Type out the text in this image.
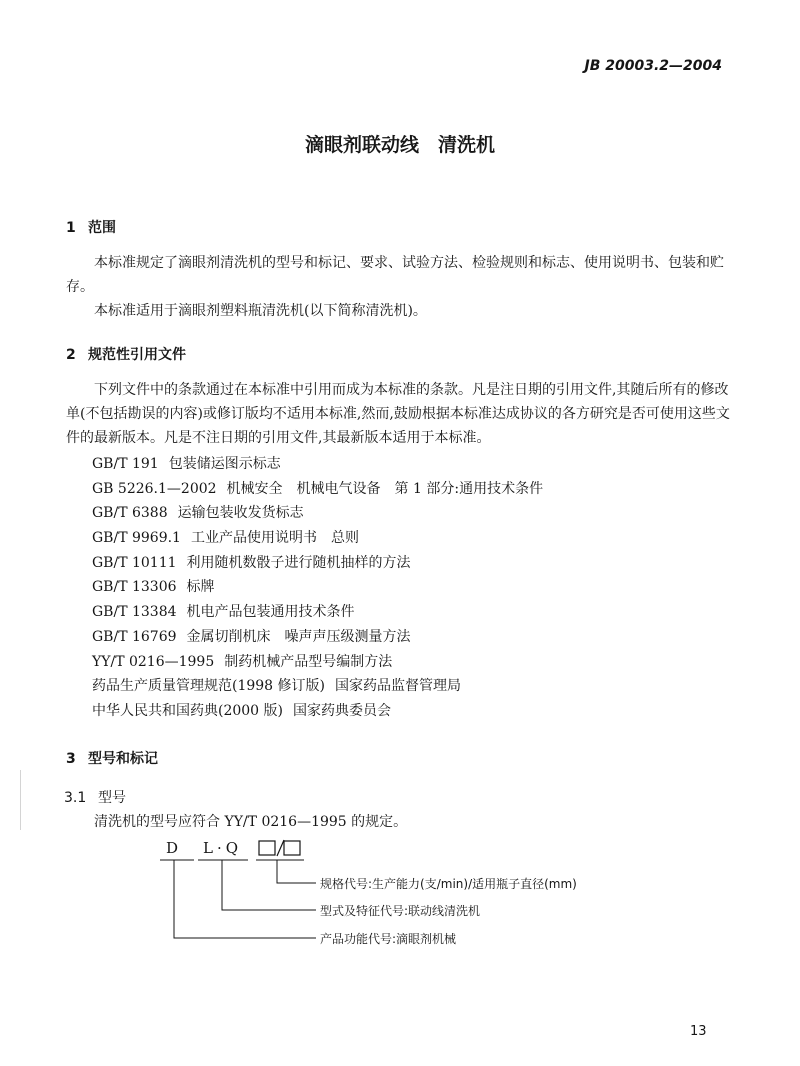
JB 20003.2—2004
滴眼剂联动线　清洗机
1 范围

本标准规定了滴眼剂清洗机的型号和标记、要求、试验方法、检验规则和标志、使用说明书、包装和贮存。

本标准适用于滴眼剂塑料瓶清洗机(以下简称清洗机)。

2 规范性引用文件

下列文件中的条款通过在本标准中引用而成为本标准的条款。凡是注日期的引用文件,其随后所有的修改单(不包括勘误的内容)或修订版均不适用本标准,然而,鼓励根据本标准达成协议的各方研究是否可使用这些文件的最新版本。凡是不注日期的引用文件,其最新版本适用于本标准。

GB/T 191 包装储运图示标志
GB 5226.1—2002 机械安全　机械电气设备　第 1 部分:通用技术条件
GB/T 6388 运输包装收发货标志
GB/T 9969.1 工业产品使用说明书　总则
GB/T 10111 利用随机数骰子进行随机抽样的方法
GB/T 13306 标牌
GB/T 13384 机电产品包装通用技术条件
GB/T 16769 金属切削机床　噪声声压级测量方法
YY/T 0216—1995 制药机械产品型号编制方法
药品生产质量管理规范(1998 修订版) 国家药品监督管理局
中华人民共和国药典(2000 版) 国家药典委员会
3 型号和标记
3.1 型号
清洗机的型号应符合 YY/T 0216—1995 的规定。
D L·Q
规格代号:生产能力(支/min)/适用瓶子直径(mm)
型式及特征代号:联动线清洗机
产品功能代号:滴眼剂机械
13
